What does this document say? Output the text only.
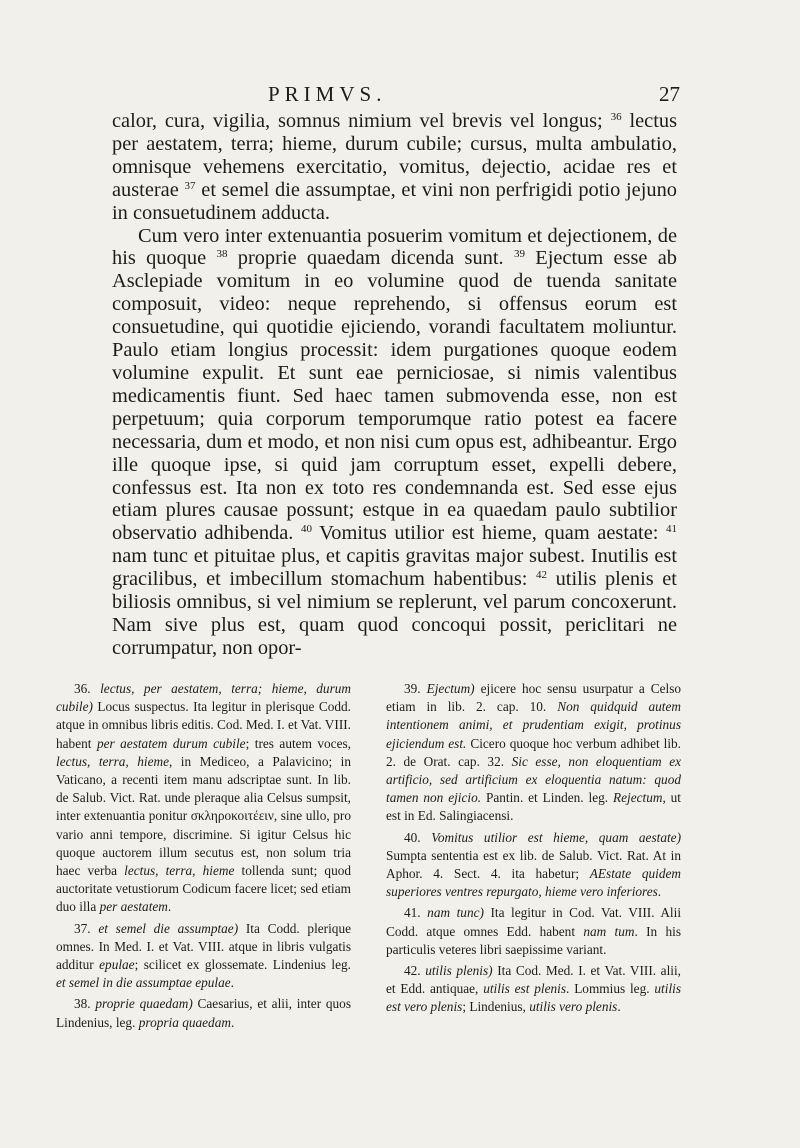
PRIMVS.	27

calor, cura, vigilia, somnus nimium vel brevis vel longus; $^{36}$ lectus per aestatem, terra; hieme, durum cubile; cursus, multa ambulatio, omnisque vehemens exercitatio, vomitus, dejectio, acidae res et austerae $^{37}$ et semel die assumptae, et vini non perfrigidi potio jejuno in consuetudinem adducta.

Cum vero inter extenuantia posuerim vomitum et dejectionem, de his quoque $^{38}$ proprie quaedam dicenda sunt. $^{39}$ Ejectum esse ab Asclepiade vomitum in eo volumine quod de tuenda sanitate composuit, video: neque reprehendo, si offensus eorum est consuetudine, qui quotidie ejiciendo, vorandi facultatem moliuntur. Paulo etiam longius processit: idem purgationes quoque eodem volumine expulit. Et sunt eae perniciosae, si nimis valentibus medicamentis fiunt. Sed haec tamen submovenda esse, non est perpetuum; quia corporum temporumque ratio potest ea facere necessaria, dum et modo, et non nisi cum opus est, adhibeantur. Ergo ille quoque ipse, si quid jam corruptum esset, expelli debere, confessus est. Ita non ex toto res condemnanda est. Sed esse ejus etiam plures causae possunt; estque in ea quaedam paulo subtilior observatio adhibenda. $^{40}$ Vomitus utilior est hieme, quam aestate: $^{41}$ nam tunc et pituitae plus, et capitis gravitas major subest. Inutilis est gracilibus, et imbecillum stomachum habentibus: $^{42}$ utilis plenis et biliosis omnibus, si vel nimium se replerunt, vel parum concoxerunt. Nam sive plus est, quam quod concoqui possit, periclitari ne corrumpatur, non opor-

36. lectus, per aestatem, terra; hieme, durum cubile) Locus suspectus. Ita legitur in plerisque Codd. atque in omnibus libris editis. Cod. Med. I. et Vat. VIII. habent per aestatem durum cubile; tres autem voces, lectus, terra, hieme, in Mediceo, a Palavicino; in Vaticano, a recenti item manu adscriptae sunt. In lib. de Salub. Vict. Rat. unde pleraque alia Celsus sumpsit, inter extenuantia ponitur σκληροκοιτέειν, sine ullo, pro vario anni tempore, discrimine. Si igitur Celsus hic quoque auctorem illum secutus est, non solum tria haec verba lectus, terra, hieme tollenda sunt; quod auctoritate vetustiorum Codicum facere licet; sed etiam duo illa per aestatem.

37. et semel die assumptae) Ita Codd. plerique omnes. In Med. I. et Vat. VIII. atque in libris vulgatis additur epulae; scilicet ex glossemate. Lindenius leg. et semel in die assumptae epulae.

38. proprie quaedam) Caesarius, et alii, inter quos Lindenius, leg. propria quaedam.

39. Ejectum) ejicere hoc sensu usurpatur a Celso etiam in lib. 2. cap. 10. Non quidquid autem intentionem animi, et prudentiam exigit, protinus ejiciendum est. Cicero quoque hoc verbum adhibet lib. 2. de Orat. cap. 32. Sic esse, non eloquentiam ex artificio, sed artificium ex eloquentia natum: quod tamen non ejicio. Pantin. et Linden. leg. Rejectum, ut est in Ed. Salingiacensi.

40. Vomitus utilior est hieme, quam aestate) Sumpta sententia est ex lib. de Salub. Vict. Rat. At in Aphor. 4. Sect. 4. ita habetur; AEstate quidem superiores ventres repurgato, hieme vero inferiores.

41. nam tunc) Ita legitur in Cod. Vat. VIII. Alii Codd. atque omnes Edd. habent nam tum. In his particulis veteres libri saepissime variant.

42. utilis plenis) Ita Cod. Med. I. et Vat. VIII. alii, et Edd. antiquae, utilis est plenis. Lommius leg. utilis est vero plenis; Lindenius, utilis vero plenis.
